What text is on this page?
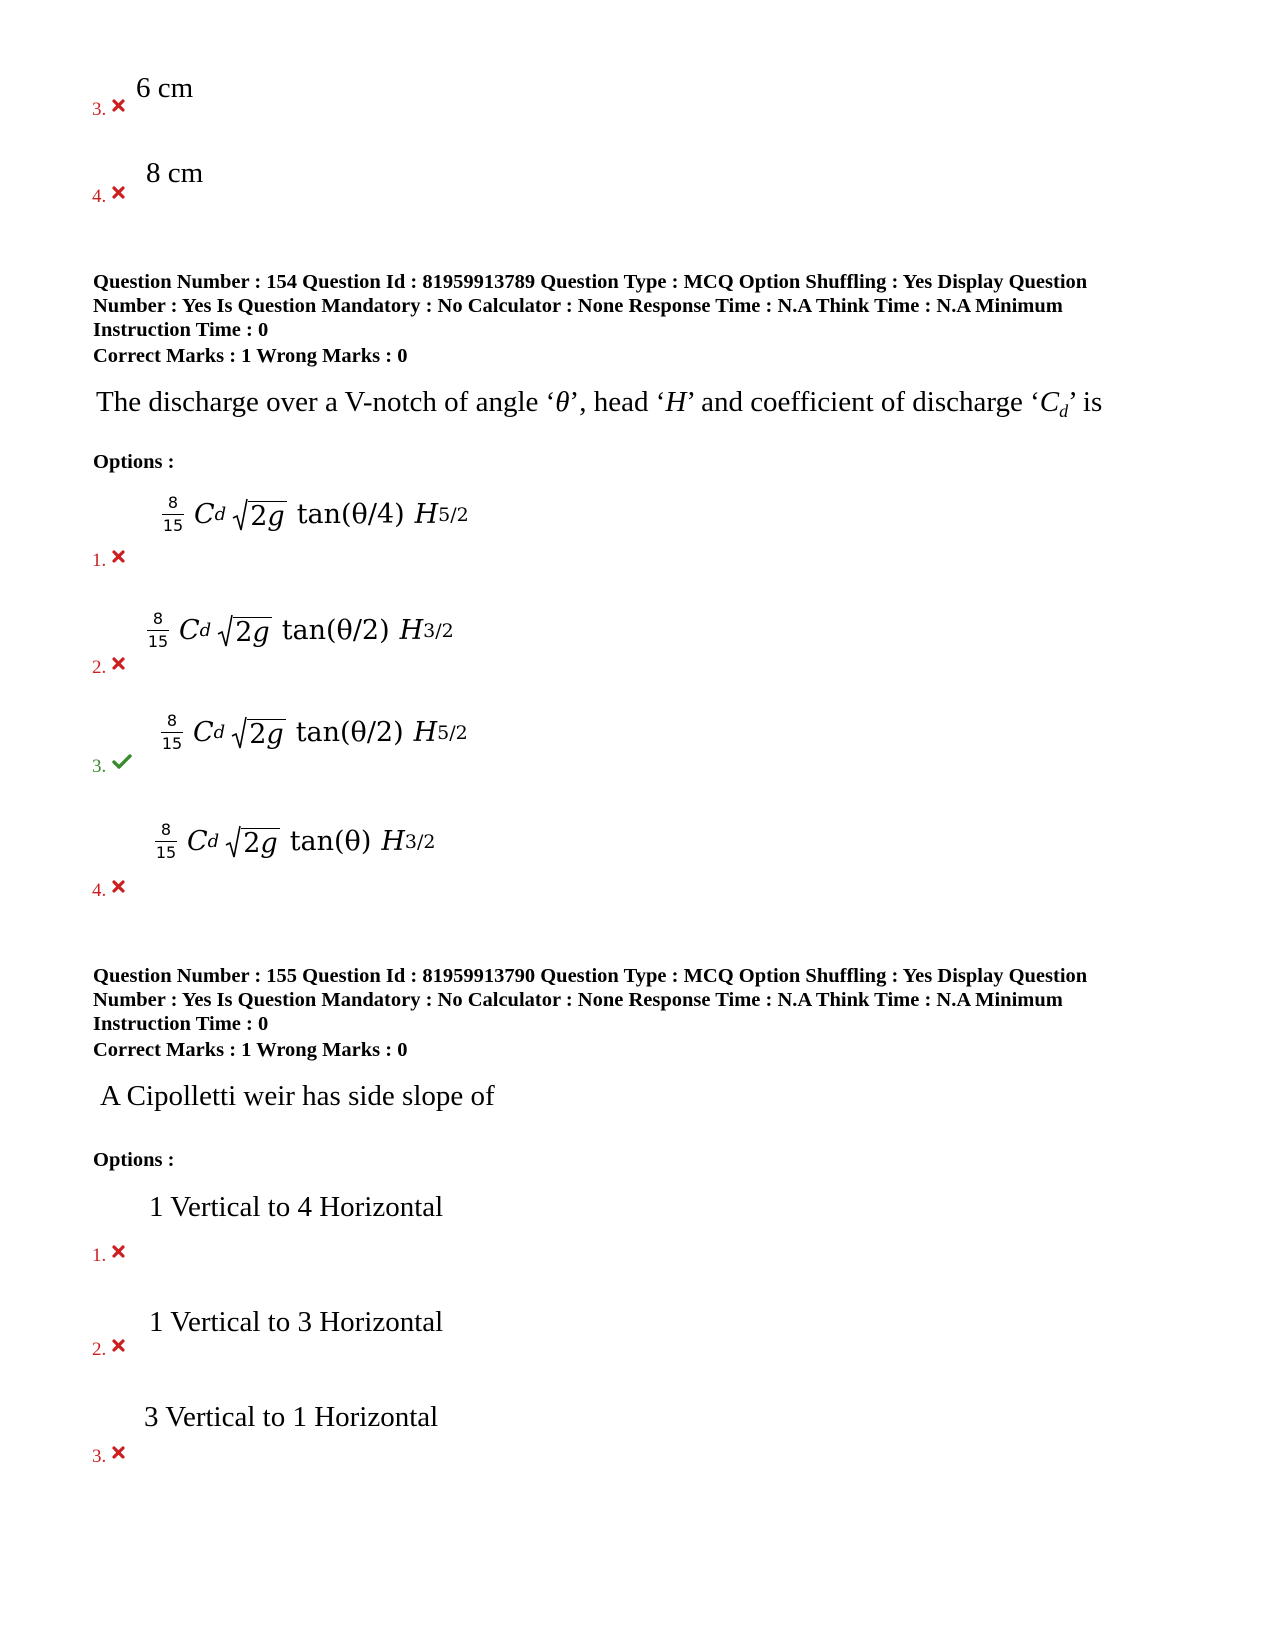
3.
6 cm
4.
8 cm
Question Number : 154 Question Id : 81959913789 Question Type : MCQ Option Shuffling : Yes Display Question
Number : Yes Is Question Mandatory : No Calculator : None Response Time : N.A Think Time : N.A Minimum
Instruction Time : 0
Correct Marks : 1 Wrong Marks : 0
The discharge over a V-notch of angle ‘θ’, head ‘H’ and coefficient of discharge ‘$C_d$’ is
Options :
1.
$\frac{8}{15}$ C d 2g tan(θ/4) H 5/2
2.
$\frac{8}{15}$ C d 2g tan(θ/2) H 3/2
3.
$\frac{8}{15}$ C d 2g tan(θ/2) H 5/2
4.
$\frac{8}{15}$ C d 2g tan(θ) H 3/2
Question Number : 155 Question Id : 81959913790 Question Type : MCQ Option Shuffling : Yes Display Question
Number : Yes Is Question Mandatory : No Calculator : None Response Time : N.A Think Time : N.A Minimum
Instruction Time : 0
Correct Marks : 1 Wrong Marks : 0
A Cipolletti weir has side slope of
Options :
1.
1 Vertical to 4 Horizontal
2.
1 Vertical to 3 Horizontal
3.
3 Vertical to 1 Horizontal
